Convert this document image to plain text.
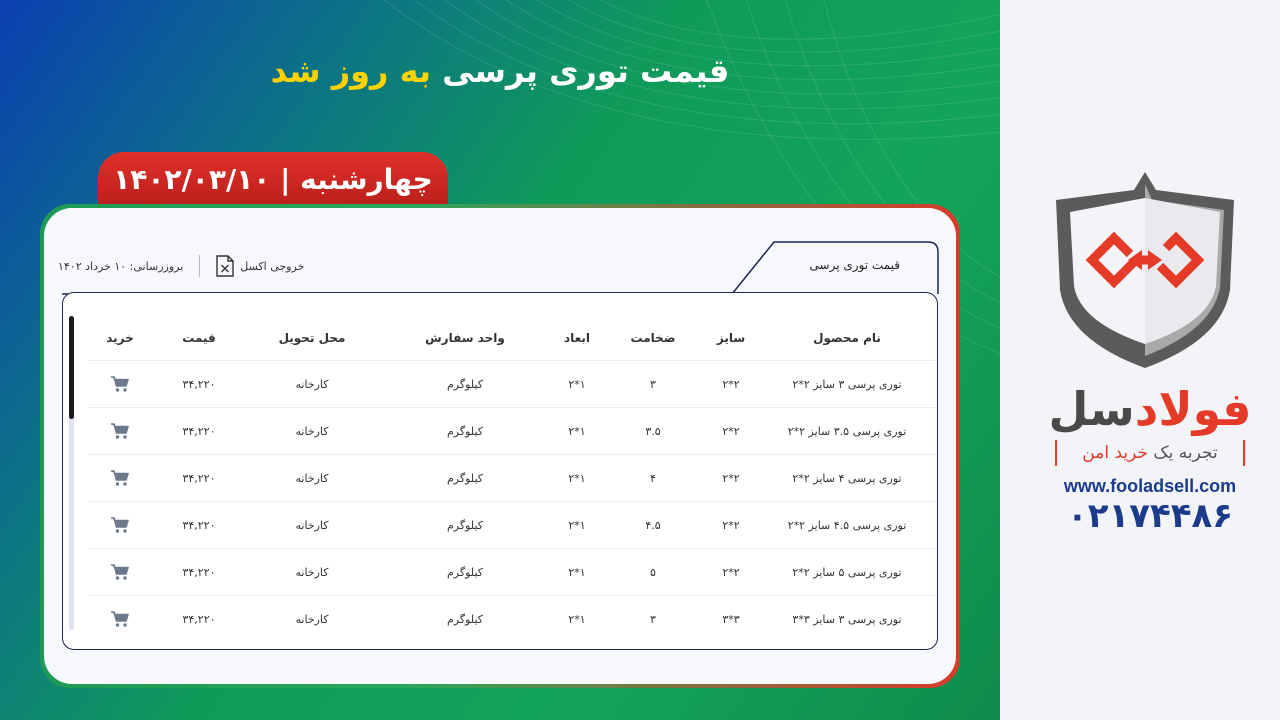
قیمت توری پرسی به روز شد
چهارشنبه | ۱۴۰۲/۰۳/۱۰
قیمت توری پرسی
بروزرسانی: ۱۰ خرداد ۱۴۰۲	خروجی اکسل
نام محصول	سایز	ضخامت	ابعاد	واحد سفارش	محل تحویل	قیمت	خرید
توری پرسی ۳ سایز ۲*۲	۲*۲	۳	۱*۲	کیلوگرم	کارخانه	۳۴,۲۲۰	
توری پرسی ۳.۵ سایز ۲*۲	۲*۲	۳.۵	۱*۲	کیلوگرم	کارخانه	۳۴,۲۲۰	
توری پرسی ۴ سایز ۲*۲	۲*۲	۴	۱*۲	کیلوگرم	کارخانه	۳۴,۲۲۰	
توری پرسی ۴.۵ سایز ۲*۲	۲*۲	۴.۵	۱*۲	کیلوگرم	کارخانه	۳۴,۲۲۰	
توری پرسی ۵ سایز ۲*۲	۲*۲	۵	۱*۲	کیلوگرم	کارخانه	۳۴,۲۲۰	
توری پرسی ۳ سایز ۳*۳	۳*۳	۳	۱*۲	کیلوگرم	کارخانه	۳۴,۲۲۰	
فولادسل
تجربه یک خرید امن
www.fooladsell.com
۰۲۱۷۴۴۸۶
